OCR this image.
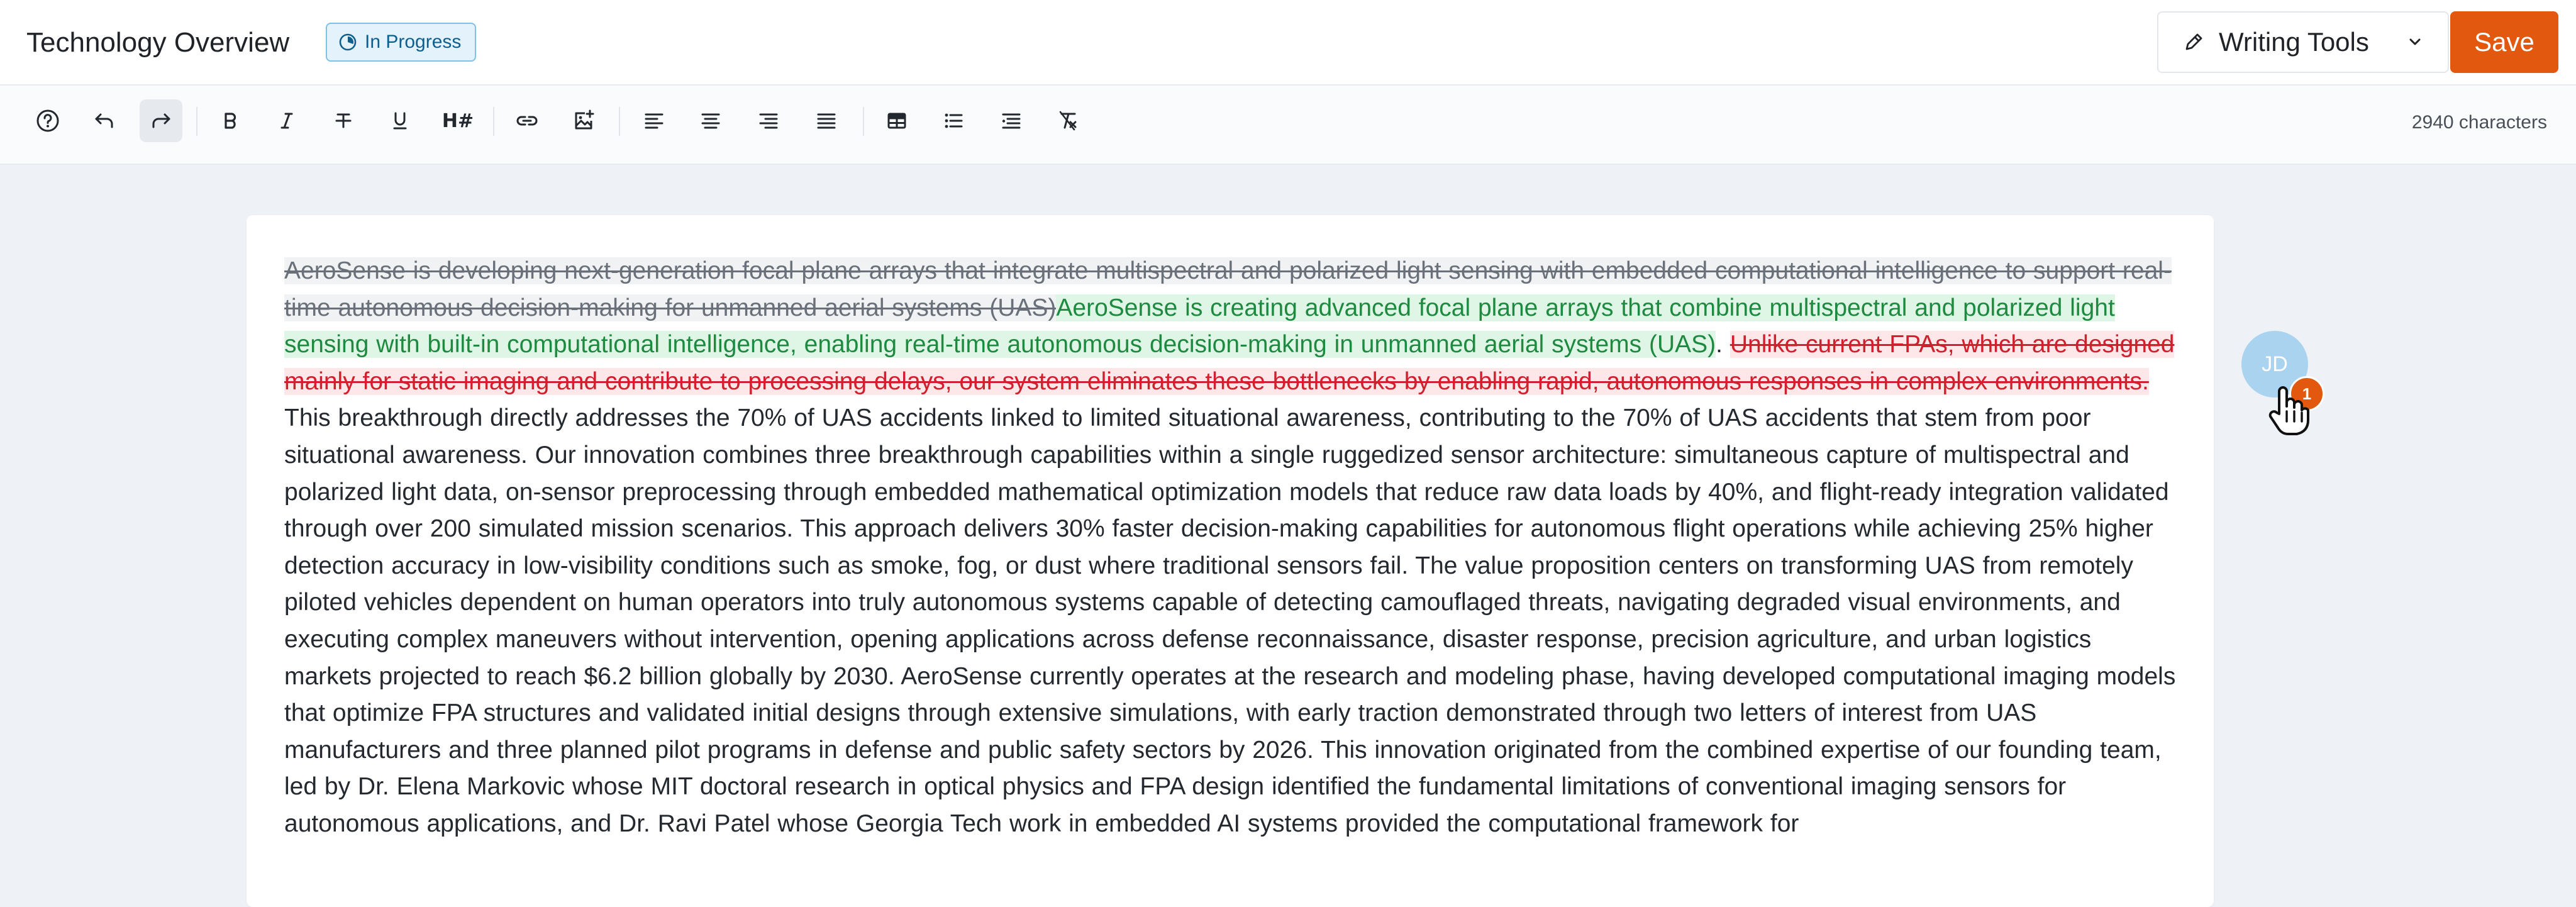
Technology Overview	In Progress	Writing Tools	Save
H#	2940 characters
AeroSense is developing next-generation focal plane arrays that integrate multispectral and polarized light sensing with embedded computational intelligence to support real-time autonomous decision-making for unmanned aerial systems (UAS)AeroSense is creating advanced focal plane arrays that combine multispectral and polarized light sensing with built-in computational intelligence, enabling real-time autonomous decision-making in unmanned aerial systems (UAS). Unlike current FPAs, which are designed mainly for static imaging and contribute to processing delays, our system eliminates these bottlenecks by enabling rapid, autonomous responses in complex environments. This breakthrough directly addresses the 70% of UAS accidents linked to limited situational awareness, contributing to the 70% of UAS accidents that stem from poor situational awareness. Our innovation combines three breakthrough capabilities within a single ruggedized sensor architecture: simultaneous capture of multispectral and polarized light data, on-sensor preprocessing through embedded mathematical optimization models that reduce raw data loads by 40%, and flight-ready integration validated through over 200 simulated mission scenarios. This approach delivers 30% faster decision-making capabilities for autonomous flight operations while achieving 25% higher detection accuracy in low-visibility conditions such as smoke, fog, or dust where traditional sensors fail. The value proposition centers on transforming UAS from remotely piloted vehicles dependent on human operators into truly autonomous systems capable of detecting camouflaged threats, navigating degraded visual environments, and executing complex maneuvers without intervention, opening applications across defense reconnaissance, disaster response, precision agriculture, and urban logistics markets projected to reach $6.2 billion globally by 2030. AeroSense currently operates at the research and modeling phase, having developed computational imaging models that optimize FPA structures and validated initial designs through extensive simulations, with early traction demonstrated through two letters of interest from UAS manufacturers and three planned pilot programs in defense and public safety sectors by 2026. This innovation originated from the combined expertise of our founding team, led by Dr. Elena Markovic whose MIT doctoral research in optical physics and FPA design identified the fundamental limitations of conventional imaging sensors for autonomous applications, and Dr. Ravi Patel whose Georgia Tech work in embedded AI systems provided the computational framework for
JD
1
